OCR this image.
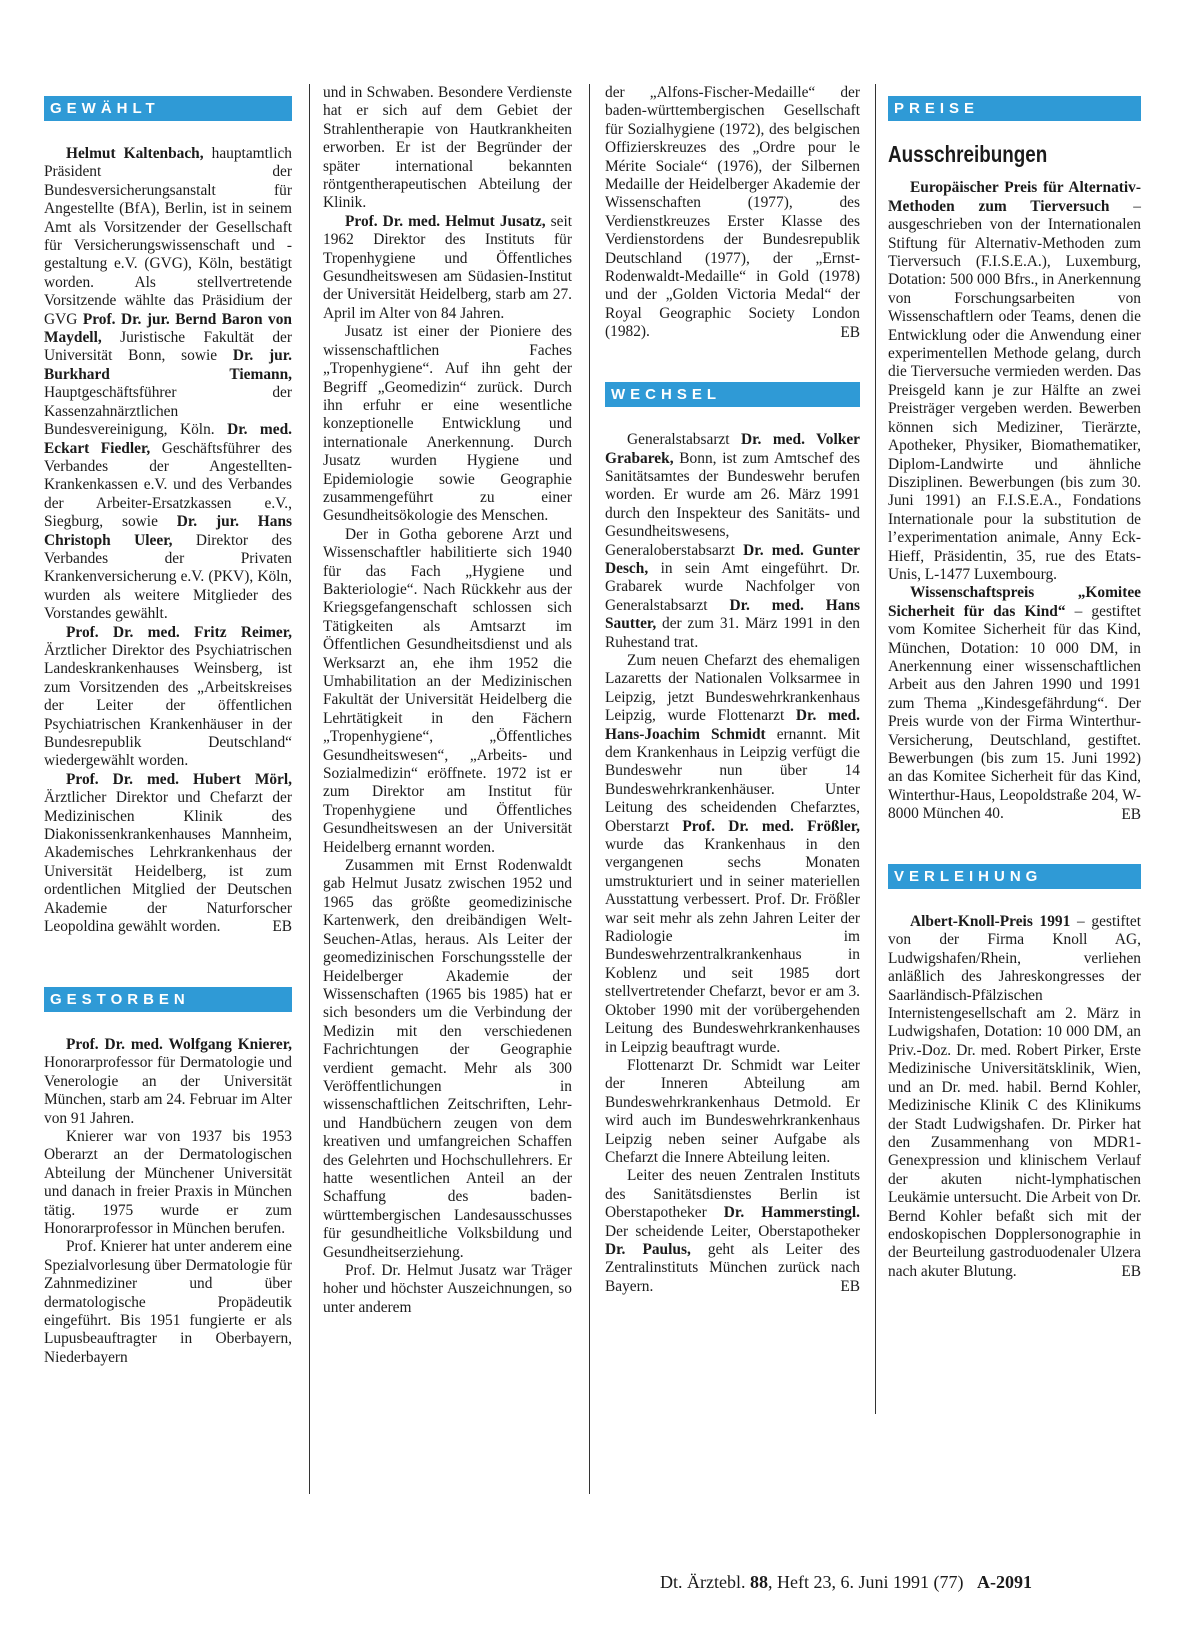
GEWÄHLT

Helmut Kaltenbach, hauptamtlich Präsident der Bundesversicherungsanstalt für Angestellte (BfA), Berlin, ist in seinem Amt als Vorsitzender der Gesellschaft für Versicherungswissenschaft und -gestaltung e.V. (GVG), Köln, bestätigt worden. Als stellvertretende Vorsitzende wählte das Präsidium der GVG Prof. Dr. jur. Bernd Baron von Maydell, Juristische Fakultät der Universität Bonn, sowie Dr. jur. Burkhard Tiemann, Hauptgeschäftsführer der Kassenzahnärztlichen Bundesvereinigung, Köln. Dr. med. Eckart Fiedler, Geschäftsführer des Verbandes der Angestellten-Krankenkassen e.V. und des Verbandes der Arbeiter-Ersatzkassen e.V., Siegburg, sowie Dr. jur. Hans Christoph Uleer, Direktor des Verbandes der Privaten Krankenversicherung e.V. (PKV), Köln, wurden als weitere Mitglieder des Vorstandes gewählt.

Prof. Dr. med. Fritz Reimer, Ärztlicher Direktor des Psychiatrischen Landeskrankenhauses Weinsberg, ist zum Vorsitzenden des „Arbeitskreises der Leiter der öffentlichen Psychiatrischen Krankenhäuser in der Bundesrepublik Deutschland“ wiedergewählt worden.

Prof. Dr. med. Hubert Mörl, Ärztlicher Direktor und Chefarzt der Medizinischen Klinik des Diakonissenkrankenhauses Mannheim, Akademisches Lehrkrankenhaus der Universität Heidelberg, ist zum ordentlichen Mitglied der Deutschen Akademie der Naturforscher Leopoldina gewählt worden.	EB
GESTORBEN

Prof. Dr. med. Wolfgang Knierer, Honorarprofessor für Dermatologie und Venerologie an der Universität München, starb am 24. Februar im Alter von 91 Jahren.

Knierer war von 1937 bis 1953 Oberarzt an der Dermatologischen Abteilung der Münchener Universität und danach in freier Praxis in München tätig. 1975 wurde er zum Honorarprofessor in München berufen.

Prof. Knierer hat unter anderem eine Spezialvorlesung über Dermatologie für Zahnmediziner und über dermatologische Propädeutik eingeführt. Bis 1951 fungierte er als Lupusbeauftragter in Oberbayern, Niederbayern

und in Schwaben. Besondere Verdienste hat er sich auf dem Gebiet der Strahlentherapie von Hautkrankheiten erworben. Er ist der Begründer der später international bekannten röntgentherapeutischen Abteilung der Klinik.

Prof. Dr. med. Helmut Jusatz, seit 1962 Direktor des Instituts für Tropenhygiene und Öffentliches Gesundheitswesen am Südasien-Institut der Universität Heidelberg, starb am 27. April im Alter von 84 Jahren.

Jusatz ist einer der Pioniere des wissenschaftlichen Faches „Tropenhygiene“. Auf ihn geht der Begriff „Geomedizin“ zurück. Durch ihn erfuhr er eine wesentliche konzeptionelle Entwicklung und internationale Anerkennung. Durch Jusatz wurden Hygiene und Epidemiologie sowie Geographie zusammengeführt zu einer Gesundheitsökologie des Menschen.

Der in Gotha geborene Arzt und Wissenschaftler habilitierte sich 1940 für das Fach „Hygiene und Bakteriologie“. Nach Rückkehr aus der Kriegsgefangenschaft schlossen sich Tätigkeiten als Amtsarzt im Öffentlichen Gesundheitsdienst und als Werksarzt an, ehe ihm 1952 die Umhabilitation an der Medizinischen Fakultät der Universität Heidelberg die Lehrtätigkeit in den Fächern „Tropenhygiene“, „Öffentliches Gesundheitswesen“, „Arbeits- und Sozialmedizin“ eröffnete. 1972 ist er zum Direktor am Institut für Tropenhygiene und Öffentliches Gesundheitswesen an der Universität Heidelberg ernannt worden.

Zusammen mit Ernst Rodenwaldt gab Helmut Jusatz zwischen 1952 und 1965 das größte geomedizinische Kartenwerk, den dreibändigen Welt-Seuchen-Atlas, heraus. Als Leiter der geomedizinischen Forschungsstelle der Heidelberger Akademie der Wissenschaften (1965 bis 1985) hat er sich besonders um die Verbindung der Medizin mit den verschiedenen Fachrichtungen der Geographie verdient gemacht. Mehr als 300 Veröffentlichungen in wissenschaftlichen Zeitschriften, Lehr- und Handbüchern zeugen von dem kreativen und umfangreichen Schaffen des Gelehrten und Hochschullehrers. Er hatte wesentlichen Anteil an der Schaffung des baden-württembergischen Landesausschusses für gesundheitliche Volksbildung und Gesundheitserziehung.

Prof. Dr. Helmut Jusatz war Träger hoher und höchster Auszeichnungen, so unter anderem

der „Alfons-Fischer-Medaille“ der baden-württembergischen Gesellschaft für Sozialhygiene (1972), des belgischen Offizierskreuzes des „Ordre pour le Mérite Sociale“ (1976), der Silbernen Medaille der Heidelberger Akademie der Wissenschaften (1977), des Verdienstkreuzes Erster Klasse des Verdienstordens der Bundesrepublik Deutschland (1977), der „Ernst-Rodenwaldt-Medaille“ in Gold (1978) und der „Golden Victoria Medal“ der Royal Geographic Society London (1982).	EB
WECHSEL

Generalstabsarzt Dr. med. Volker Grabarek, Bonn, ist zum Amtschef des Sanitätsamtes der Bundeswehr berufen worden. Er wurde am 26. März 1991 durch den Inspekteur des Sanitäts- und Gesundheitswesens, Generaloberstabsarzt Dr. med. Gunter Desch, in sein Amt eingeführt. Dr. Grabarek wurde Nachfolger von Generalstabsarzt Dr. med. Hans Sautter, der zum 31. März 1991 in den Ruhestand trat.

Zum neuen Chefarzt des ehemaligen Lazaretts der Nationalen Volksarmee in Leipzig, jetzt Bundeswehrkrankenhaus Leipzig, wurde Flottenarzt Dr. med. Hans-Joachim Schmidt ernannt. Mit dem Krankenhaus in Leipzig verfügt die Bundeswehr nun über 14 Bundeswehrkrankenhäuser. Unter Leitung des scheidenden Chefarztes, Oberstarzt Prof. Dr. med. Frößler, wurde das Krankenhaus in den vergangenen sechs Monaten umstrukturiert und in seiner materiellen Ausstattung verbessert. Prof. Dr. Frößler war seit mehr als zehn Jahren Leiter der Radiologie im Bundeswehrzentralkrankenhaus in Koblenz und seit 1985 dort stellvertretender Chefarzt, bevor er am 3. Oktober 1990 mit der vorübergehenden Leitung des Bundeswehrkrankenhauses in Leipzig beauftragt wurde.

Flottenarzt Dr. Schmidt war Leiter der Inneren Abteilung am Bundeswehrkrankenhaus Detmold. Er wird auch im Bundeswehrkrankenhaus Leipzig neben seiner Aufgabe als Chefarzt die Innere Abteilung leiten.

Leiter des neuen Zentralen Instituts des Sanitätsdienstes Berlin ist Oberstapotheker Dr. Hammerstingl. Der scheidende Leiter, Oberstapotheker Dr. Paulus, geht als Leiter des Zentralinstituts München zurück nach Bayern.	EB
PREISE
Ausschreibungen

Europäischer Preis für Alternativ-Methoden zum Tierversuch – ausgeschrieben von der Internationalen Stiftung für Alternativ-Methoden zum Tierversuch (F.I.S.E.A.), Luxemburg, Dotation: 500 000 Bfrs., in Anerkennung von Forschungsarbeiten von Wissenschaftlern oder Teams, denen die Entwicklung oder die Anwendung einer experimentellen Methode gelang, durch die Tierversuche vermieden werden. Das Preisgeld kann je zur Hälfte an zwei Preisträger vergeben werden. Bewerben können sich Mediziner, Tierärzte, Apotheker, Physiker, Biomathematiker, Diplom-Landwirte und ähnliche Disziplinen. Bewerbungen (bis zum 30. Juni 1991) an F.I.S.E.A., Fondations Internationale pour la substitution de l’experimentation animale, Anny Eck-Hieff, Präsidentin, 35, rue des Etats-Unis, L-1477 Luxembourg.

Wissenschaftspreis „Komitee Sicherheit für das Kind“ – gestiftet vom Komitee Sicherheit für das Kind, München, Dotation: 10 000 DM, in Anerkennung einer wissenschaftlichen Arbeit aus den Jahren 1990 und 1991 zum Thema „Kindesgefährdung“. Der Preis wurde von der Firma Winterthur-Versicherung, Deutschland, gestiftet. Bewerbungen (bis zum 15. Juni 1992) an das Komitee Sicherheit für das Kind, Winterthur-Haus, Leopoldstraße 204, W-8000 München 40.	EB
VERLEIHUNG

Albert-Knoll-Preis 1991 – gestiftet von der Firma Knoll AG, Ludwigshafen/Rhein, verliehen anläßlich des Jahreskongresses der Saarländisch-Pfälzischen Internistengesellschaft am 2. März in Ludwigshafen, Dotation: 10 000 DM, an Priv.-Doz. Dr. med. Robert Pirker, Erste Medizinische Universitätsklinik, Wien, und an Dr. med. habil. Bernd Kohler, Medizinische Klinik C des Klinikums der Stadt Ludwigshafen. Dr. Pirker hat den Zusammenhang von MDR1-Genexpression und klinischem Verlauf der akuten nicht-lymphatischen Leukämie untersucht. Die Arbeit von Dr. Bernd Kohler befaßt sich mit der endoskopischen Dopplersonographie in der Beurteilung gastroduodenaler Ulzera nach akuter Blutung.	EB
Dt. Ärztebl. 88, Heft 23, 6. Juni 1991 (77) A-2091
